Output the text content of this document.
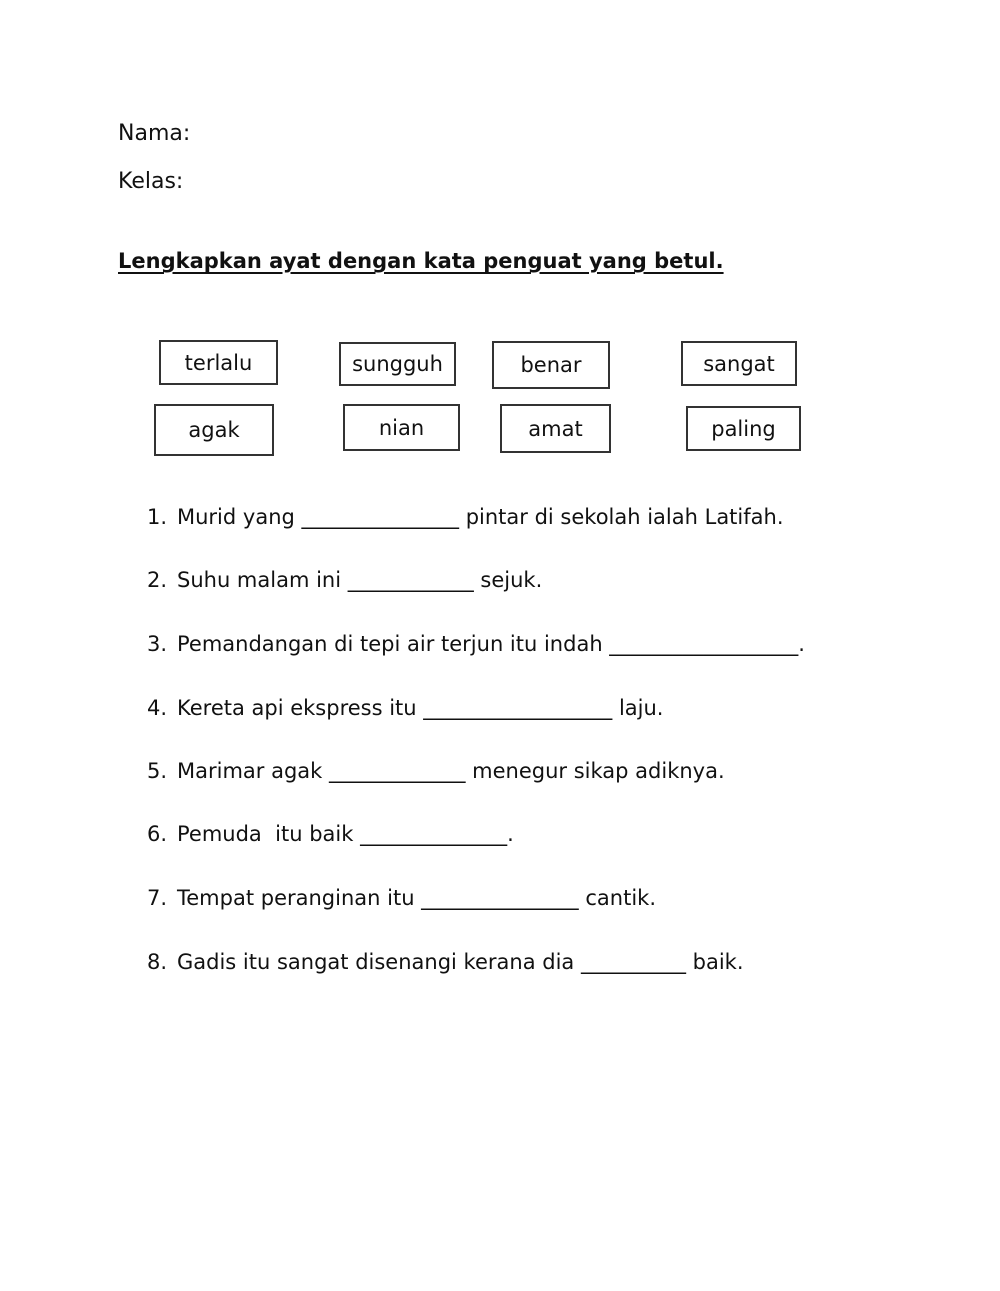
Nama:
Kelas:
Lengkapkan ayat dengan kata penguat yang betul.
terlalu	sungguh	benar	sangat
agak	nian	amat	paling
1. Murid yang _______________ pintar di sekolah ialah Latifah.
2. Suhu malam ini ____________ sejuk.
3. Pemandangan di tepi air terjun itu indah __________________.
4. Kereta api ekspress itu __________________ laju.
5. Marimar agak _____________ menegur sikap adiknya.
6. Pemuda  itu baik ______________.
7. Tempat peranginan itu _______________ cantik.
8. Gadis itu sangat disenangi kerana dia __________ baik.
